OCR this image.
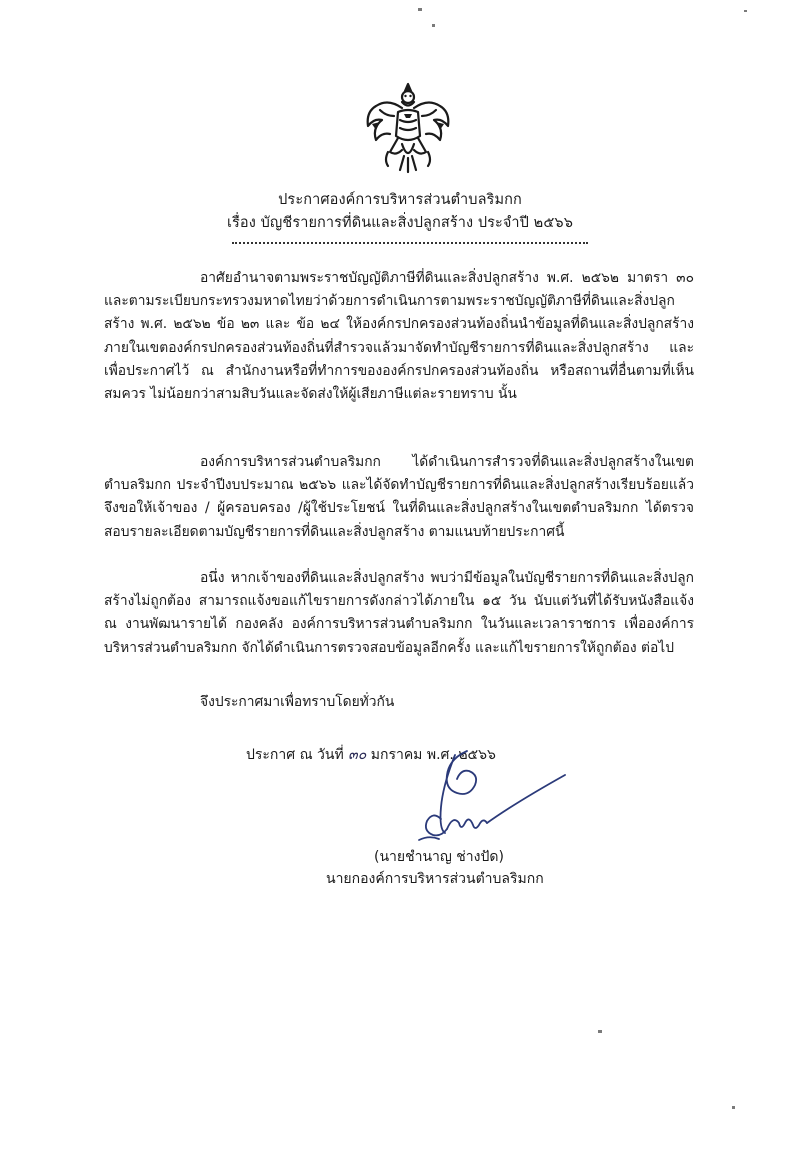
ประกาศองค์การบริหารส่วนตำบลริมกก
เรื่อง บัญชีรายการที่ดินและสิ่งปลูกสร้าง ประจำปี ๒๕๖๖

อาศัยอำนาจตามพระราชบัญญัติภาษีที่ดินและสิ่งปลูกสร้าง พ.ศ. ๒๕๖๒ มาตรา ๓๐ และตามระเบียบกระทรวงมหาดไทยว่าด้วยการดำเนินการตามพระราชบัญญัติภาษีที่ดินและสิ่งปลูกสร้าง พ.ศ. ๒๕๖๒ ข้อ ๒๓ และ ข้อ ๒๔ ให้องค์กรปกครองส่วนท้องถิ่นนำข้อมูลที่ดินและสิ่งปลูกสร้างภายในเขตองค์กรปกครองส่วนท้องถิ่นที่สำรวจแล้วมาจัดทำบัญชีรายการที่ดินและสิ่งปลูกสร้าง และเพื่อประกาศไว้ ณ สำนักงานหรือที่ทำการขององค์กรปกครองส่วนท้องถิ่น หรือสถานที่อื่นตามที่เห็นสมควร ไม่น้อยกว่าสามสิบวันและจัดส่งให้ผู้เสียภาษีแต่ละรายทราบ นั้น

องค์การบริหารส่วนตำบลริมกก ได้ดำเนินการสำรวจที่ดินและสิ่งปลูกสร้างในเขตตำบลริมกก ประจำปีงบประมาณ ๒๕๖๖ และได้จัดทำบัญชีรายการที่ดินและสิ่งปลูกสร้างเรียบร้อยแล้ว จึงขอให้เจ้าของ / ผู้ครอบครอง /ผู้ใช้ประโยชน์ ในที่ดินและสิ่งปลูกสร้างในเขตตำบลริมกก ได้ตรวจสอบรายละเอียดตามบัญชีรายการที่ดินและสิ่งปลูกสร้าง ตามแนบท้ายประกาศนี้

อนึ่ง หากเจ้าของที่ดินและสิ่งปลูกสร้าง พบว่ามีข้อมูลในบัญชีรายการที่ดินและสิ่งปลูกสร้างไม่ถูกต้อง สามารถแจ้งขอแก้ไขรายการดังกล่าวได้ภายใน ๑๕ วัน นับแต่วันที่ได้รับหนังสือแจ้ง ณ งานพัฒนารายได้ กองคลัง องค์การบริหารส่วนตำบลริมกก ในวันและเวลาราชการ เพื่อองค์การบริหารส่วนตำบลริมกก จักได้ดำเนินการตรวจสอบข้อมูลอีกครั้ง และแก้ไขรายการให้ถูกต้อง ต่อไป

จึงประกาศมาเพื่อทราบโดยทั่วกัน

ประกาศ ณ วันที่ ๓๐ มกราคม พ.ศ. ๒๕๖๖
(นายชำนาญ ช่างปัด)
นายกองค์การบริหารส่วนตำบลริมกก
